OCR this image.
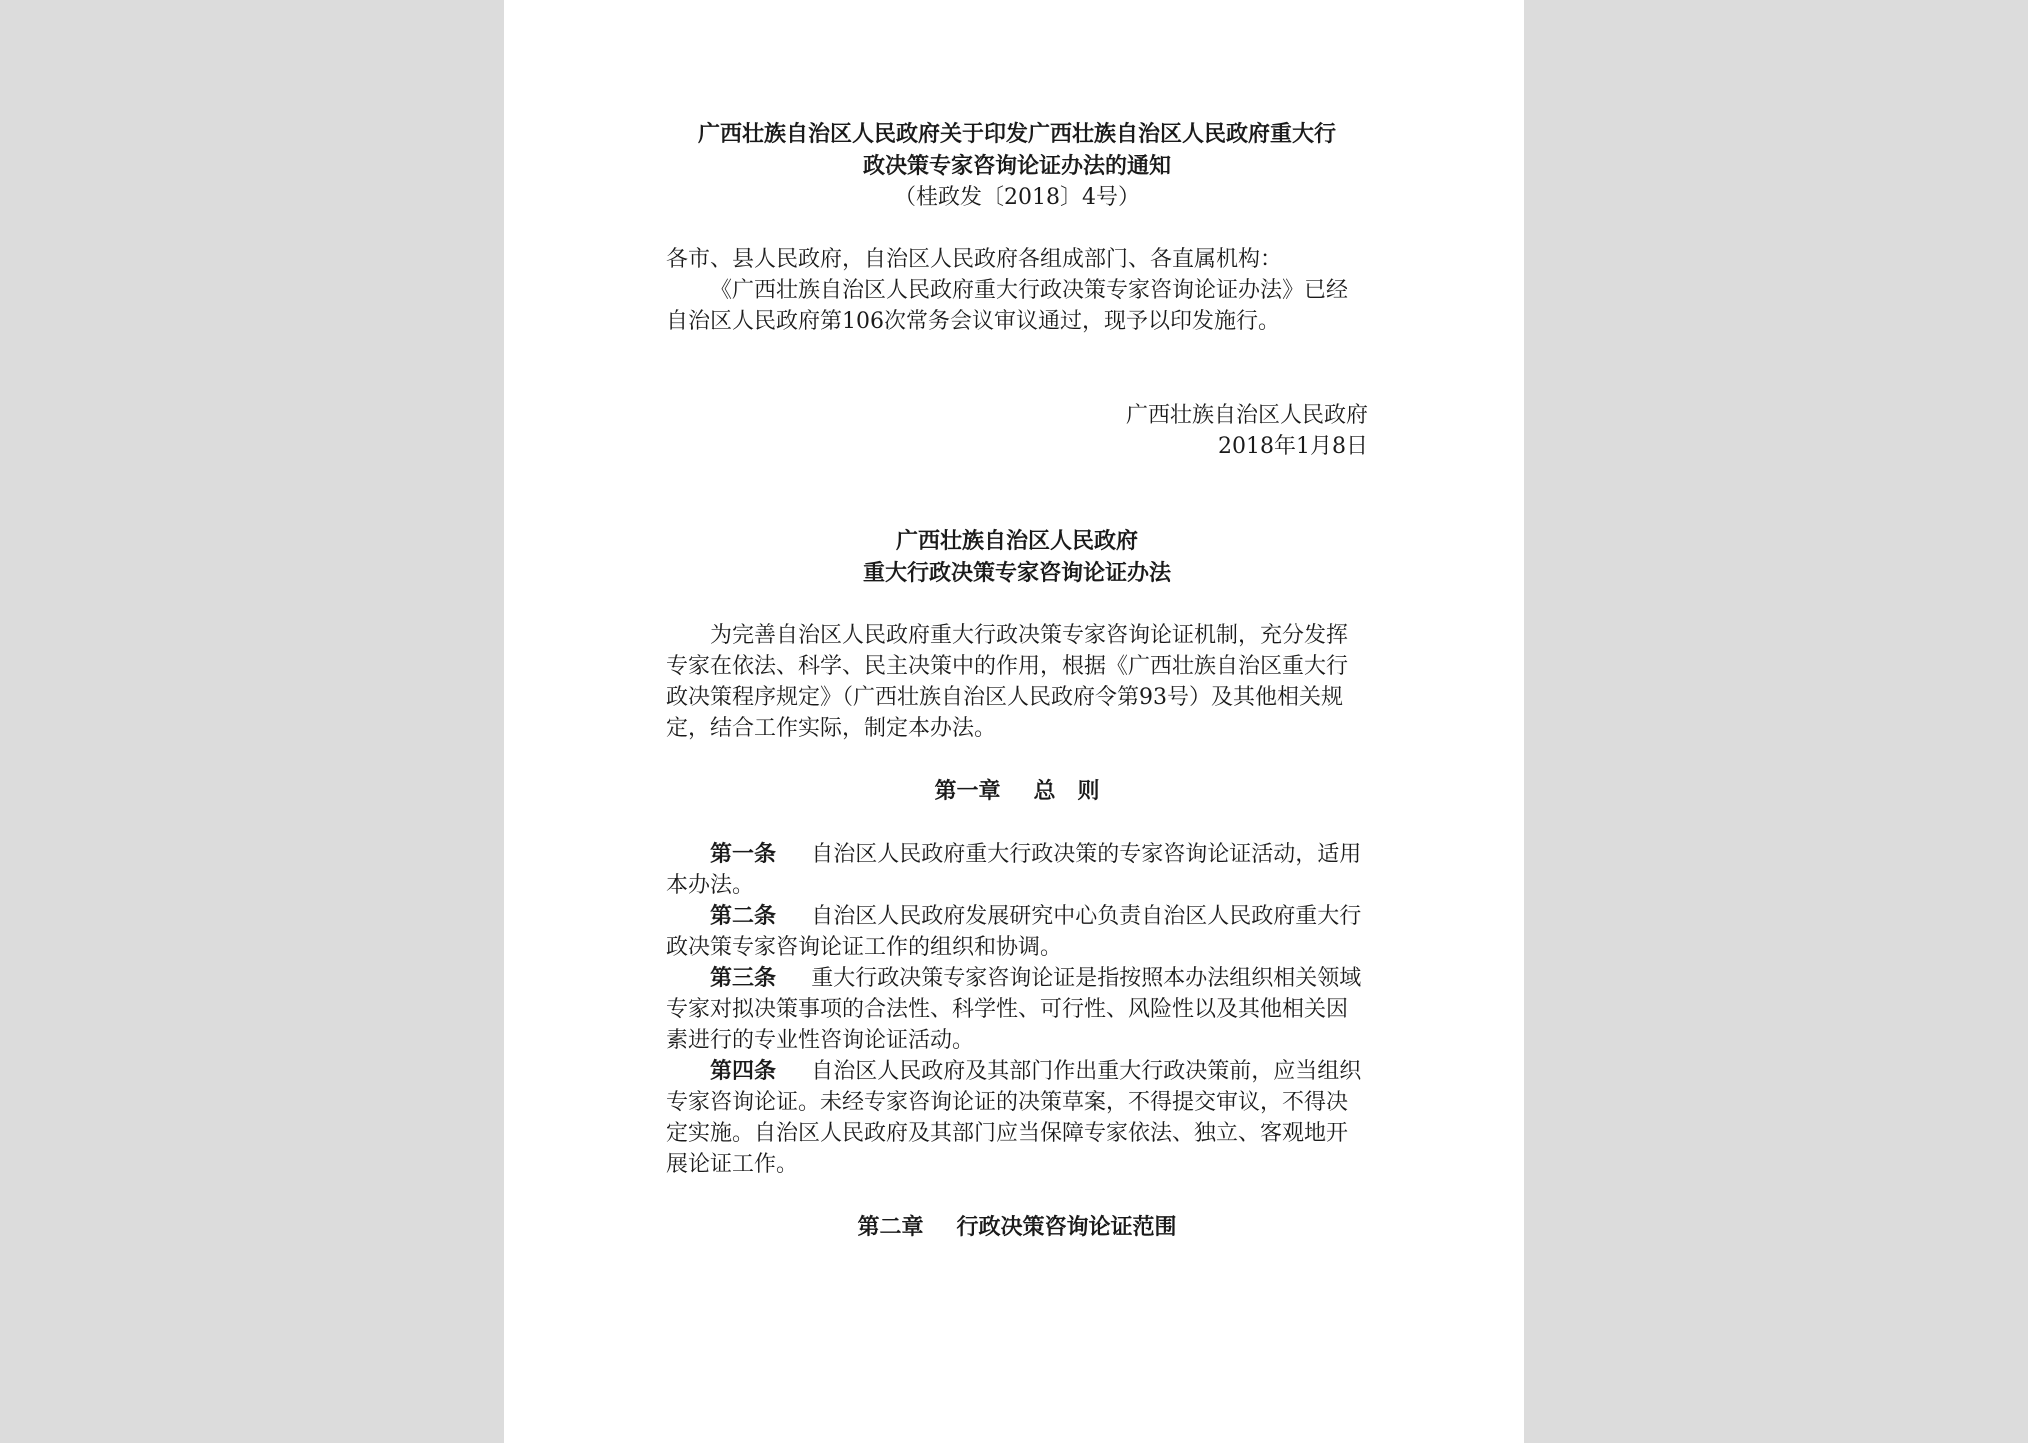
广西壮族自治区人民政府关于印发广西壮族自治区人民政府重大行

政决策专家咨询论证办法的通知

（桂政发〔2018〕4号）

各市、县人民政府，自治区人民政府各组成部门、各直属机构：

《广西壮族自治区人民政府重大行政决策专家咨询论证办法》已经自治区人民政府第106次常务会议审议通过，现予以印发施行。

广西壮族自治区人民政府

2018年1月8日

广西壮族自治区人民政府
重大行政决策专家咨询论证办法

为完善自治区人民政府重大行政决策专家咨询论证机制，充分发挥专家在依法、科学、民主决策中的作用，根据《广西壮族自治区重大行政决策程序规定》（广西壮族自治区人民政府令第93号）及其他相关规定，结合工作实际，制定本办法。

第一章 总　则

第一条 自治区人民政府重大行政决策的专家咨询论证活动，适用本办法。

第二条 自治区人民政府发展研究中心负责自治区人民政府重大行政决策专家咨询论证工作的组织和协调。

第三条 重大行政决策专家咨询论证是指按照本办法组织相关领域专家对拟决策事项的合法性、科学性、可行性、风险性以及其他相关因素进行的专业性咨询论证活动。

第四条 自治区人民政府及其部门作出重大行政决策前，应当组织专家咨询论证。未经专家咨询论证的决策草案，不得提交审议，不得决定实施。自治区人民政府及其部门应当保障专家依法、独立、客观地开展论证工作。

第二章 行政决策咨询论证范围
